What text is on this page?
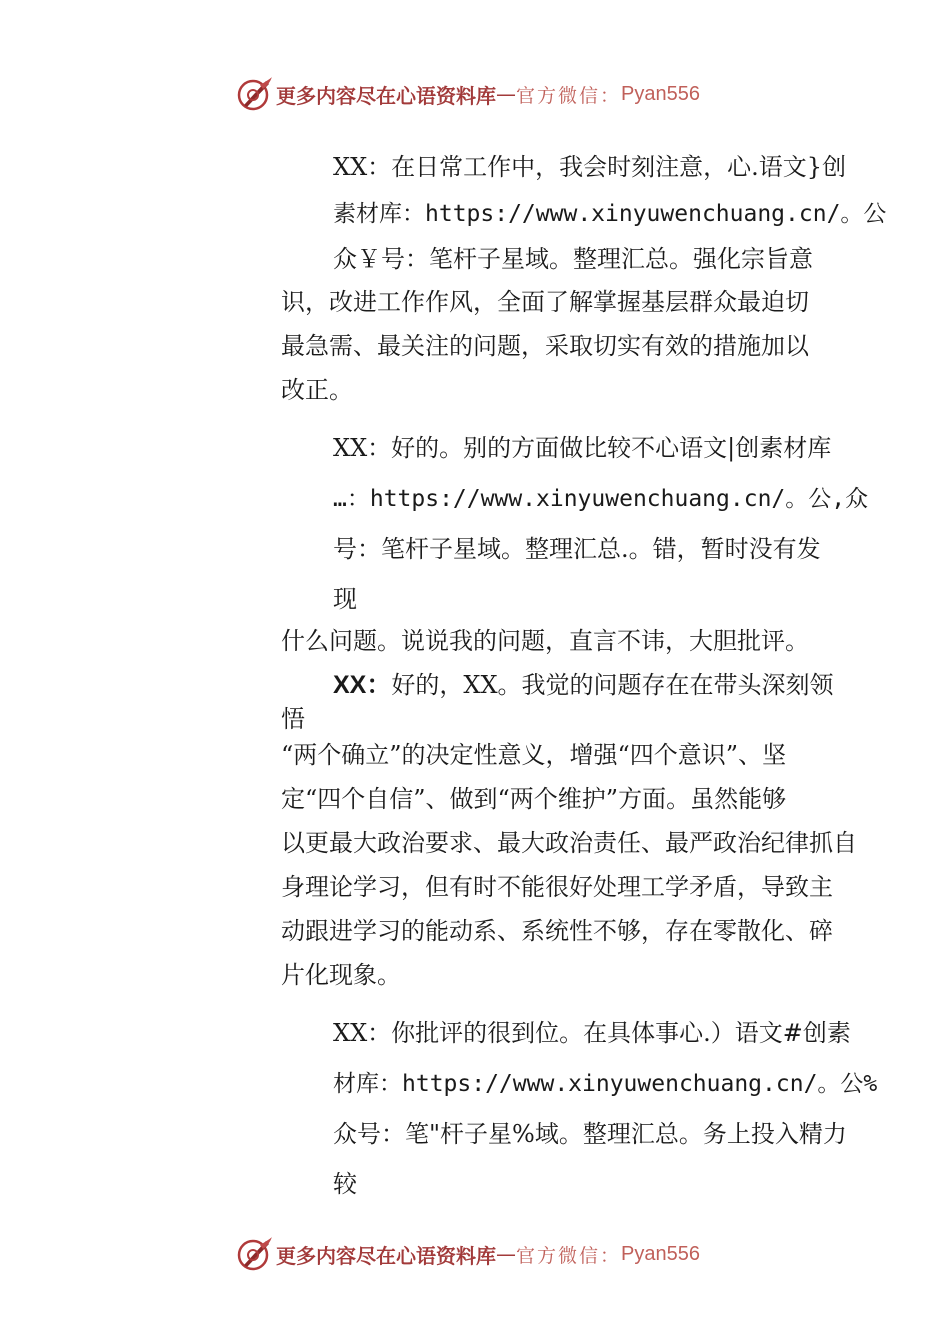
更多内容尽在心语资料库 — 官方微信： Pyan556
XX：在日常工作中，我会时刻注意，心.语文}创
素材库：https://www.xinyuwenchuang.cn/。公
众￥号：笔杆子星域。整理汇总。强化宗旨意
识，改进工作作风，全面了解掌握基层群众最迫切
最急需、最关注的问题，采取切实有效的措施加以
改正。
XX：好的。别的方面做比较不心语文|创素材库
…：https://www.xinyuwenchuang.cn/。公,众
号：笔杆子星域。整理汇总.。错，暂时没有发
现
什么问题。说说我的问题，直言不讳，大胆批评。
XX：好的，XX。我觉的问题存在在带头深刻领
悟
“两个确立”的决定性意义，增强“四个意识”、坚
定“四个自信”、做到“两个维护”方面。虽然能够
以更最大政治要求、最大政治责任、最严政治纪律抓自
身理论学习，但有时不能很好处理工学矛盾，导致主
动跟进学习的能动系、系统性不够，存在零散化、碎
片化现象。
XX：你批评的很到位。在具体事心.）语文#创素
材库：https://www.xinyuwenchuang.cn/。公%
众号：笔"杆子星%域。整理汇总。务上投入精力
较
更多内容尽在心语资料库 — 官方微信： Pyan556
